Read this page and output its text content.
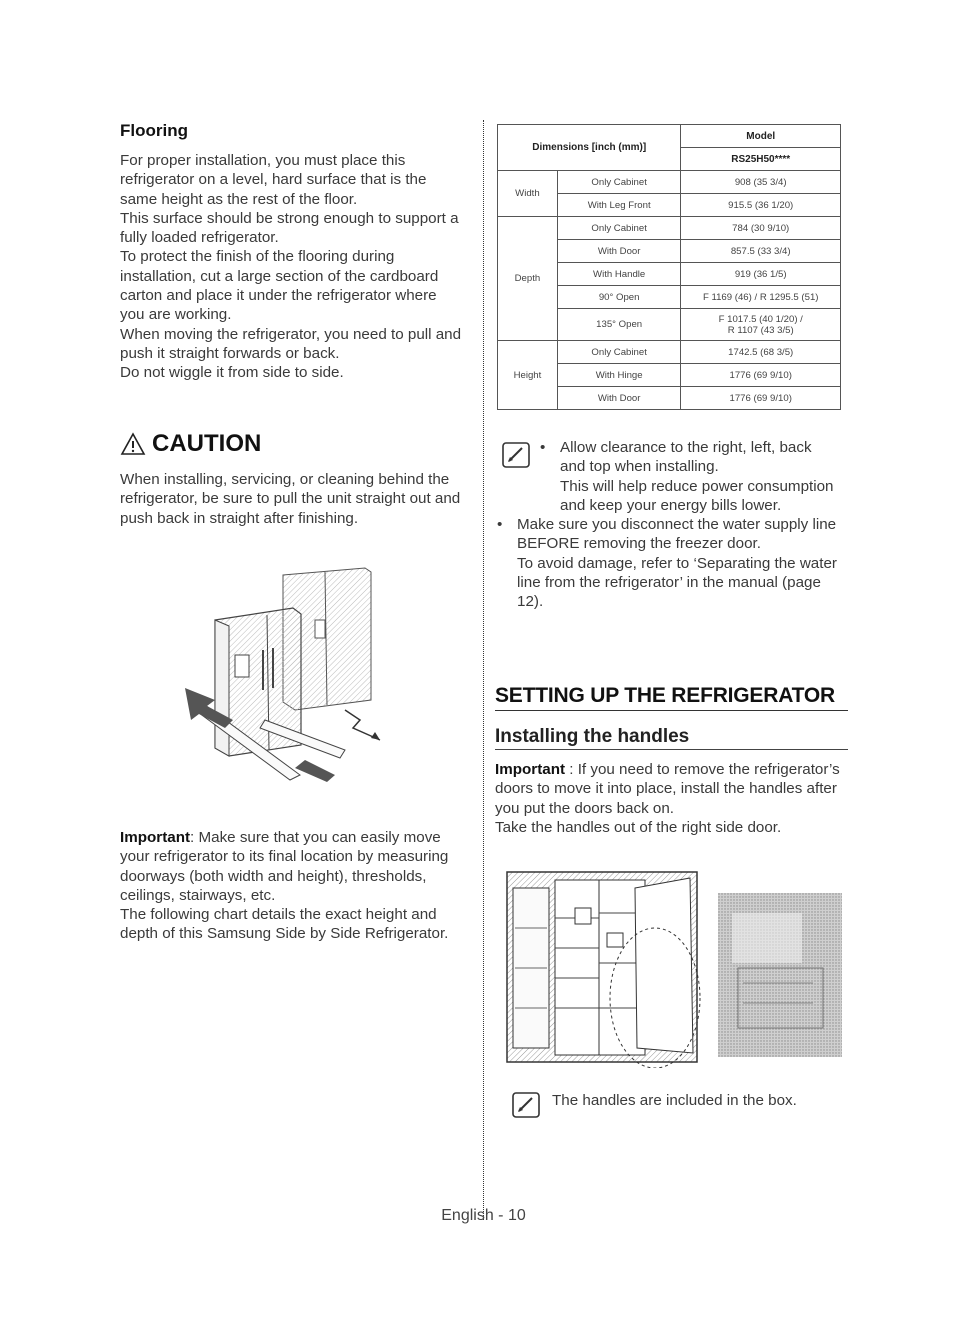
Flooring

For proper installation, you must place this

refrigerator on a level, hard surface that is the

same height as the rest of the floor.

This surface should be strong enough to support a

fully loaded refrigerator.

To protect the finish of the flooring during

installation, cut a large section of the cardboard

carton and place it under the refrigerator where

you are working.

When moving the refrigerator, you need to pull and

push it straight forwards or back.

Do not wiggle it from side to side.

CAUTION

When installing, servicing, or cleaning behind the

refrigerator, be sure to pull the unit straight out and

push back in straight after finishing.

Important: Make sure that you can easily move

your refrigerator to its final location by measuring

doorways (both width and height), thresholds,

ceilings, stairways, etc.

The following chart details the exact height and

depth of this Samsung Side by Side Refrigerator.

Dimensions [inch (mm)]		Model
		RS25H50****
Width	Only Cabinet	908 (35 3/4)
	With Leg Front	915.5 (36 1/20)
Depth	Only Cabinet	784 (30 9/10)
	With Door	857.5 (33 3/4)
	With Handle	919 (36 1/5)
	90° Open	F 1169 (46) / R 1295.5 (51)
	135° Open	F 1017.5 (40 1/20) /
R 1107 (43 3/5)

Height	Only Cabinet	1742.5 (68 3/5)
	With Hinge	1776 (69 9/10)
	With Door	1776 (69 9/10)
• Allow clearance to the right, left, back

and top when installing.

This will help reduce power consumption

and keep your energy bills lower.

• Make sure you disconnect the water supply line

BEFORE removing the freezer door.

To avoid damage, refer to ‘Separating the water

line from the refrigerator’ in the manual (page

12).

SETTING UP THE REFRIGERATOR
Installing the handles

Important : If you need to remove the refrigerator’s

doors to move it into place, install the handles after

you put the doors back on.

Take the handles out of the right side door.

The handles are included in the box.
English - 10
